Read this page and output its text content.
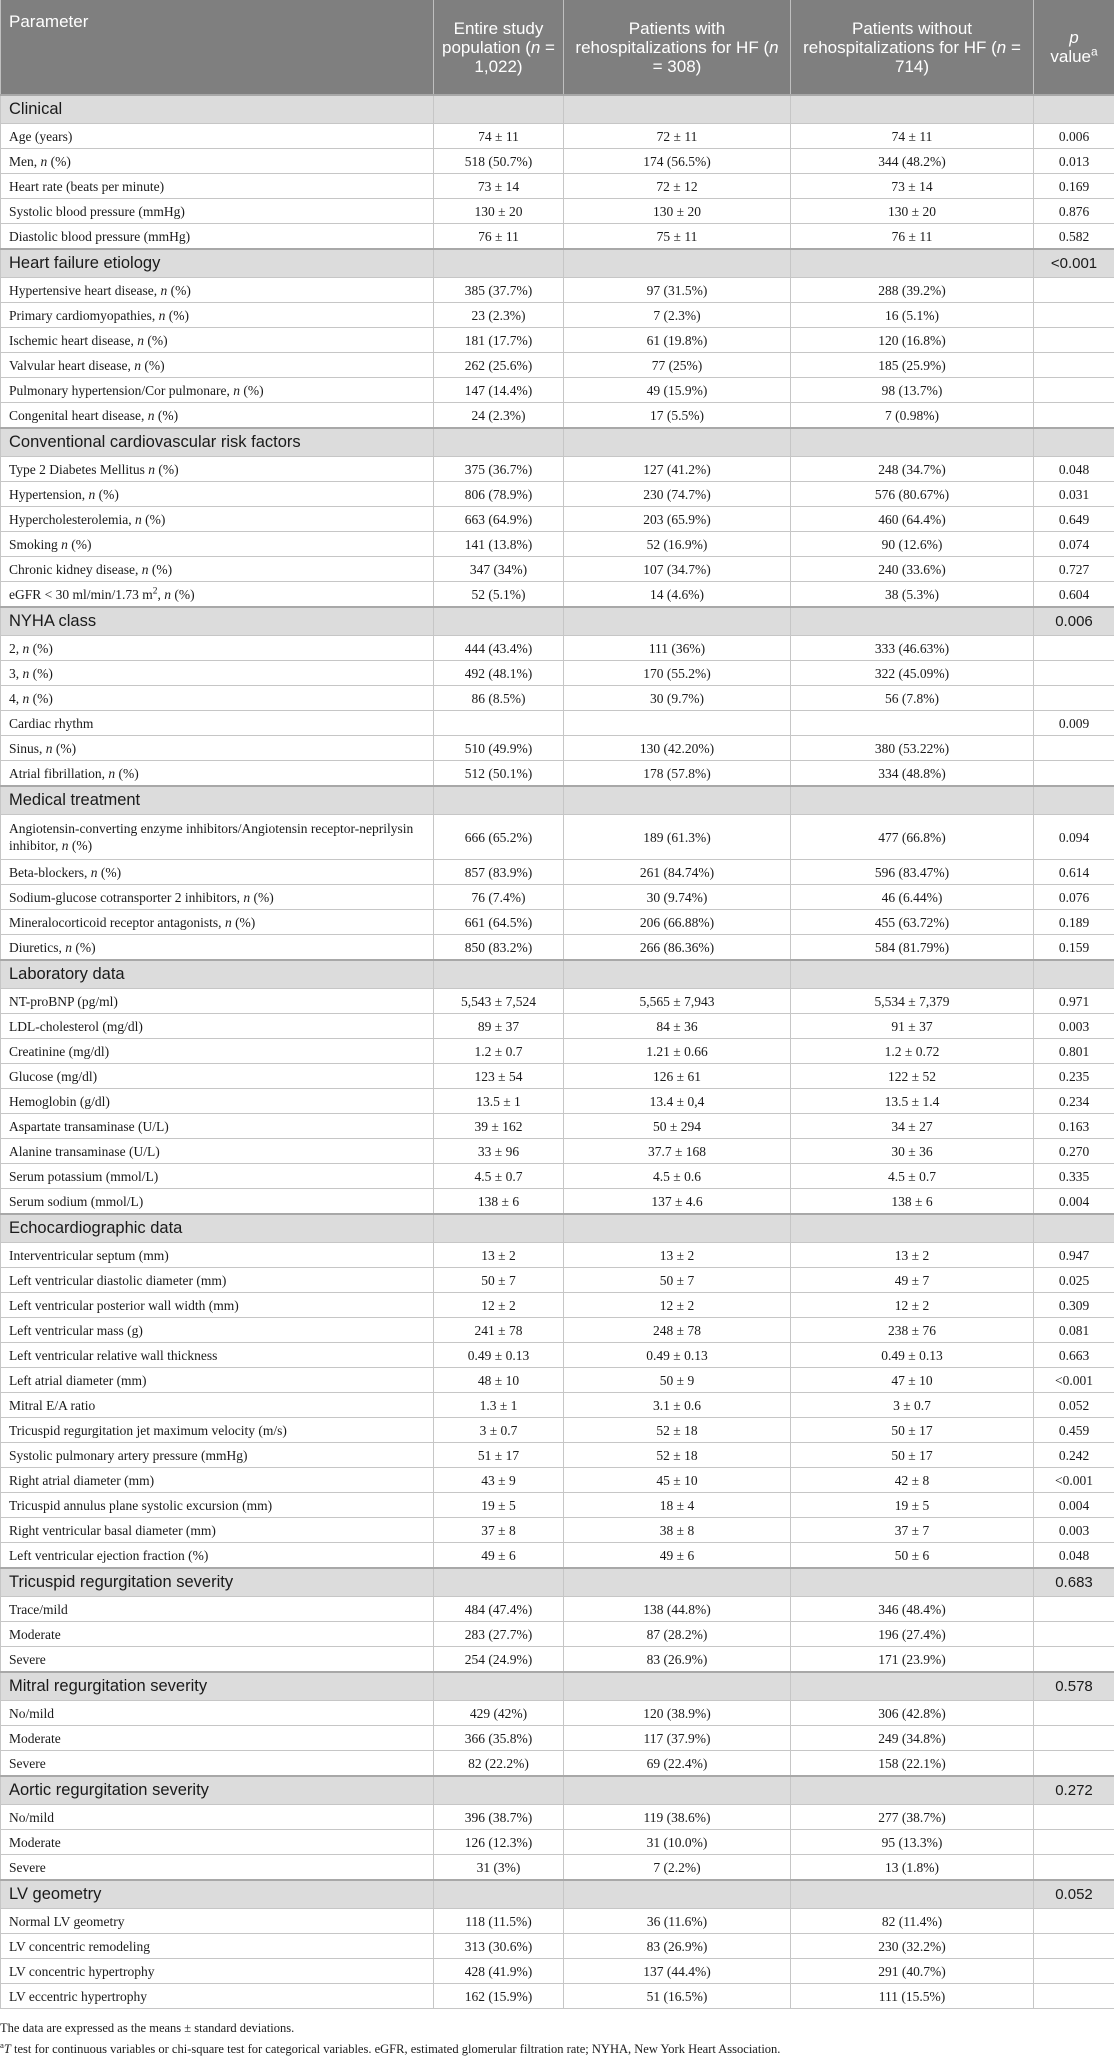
Parameter	Entire study population (n = 1,022)	Patients with rehospitalizations for HF (n = 308)	Patients without rehospitalizations for HF (n = 714)	p
value$^a$
Clinical				
Age (years)	74 ± 11	72 ± 11	74 ± 11	0.006
Men, n (%)	518 (50.7%)	174 (56.5%)	344 (48.2%)	0.013
Heart rate (beats per minute)	73 ± 14	72 ± 12	73 ± 14	0.169
Systolic blood pressure (mmHg)	130 ± 20	130 ± 20	130 ± 20	0.876
Diastolic blood pressure (mmHg)	76 ± 11	75 ± 11	76 ± 11	0.582
Heart failure etiology				<0.001
Hypertensive heart disease, n (%)	385 (37.7%)	97 (31.5%)	288 (39.2%)	
Primary cardiomyopathies, n (%)	23 (2.3%)	7 (2.3%)	16 (5.1%)	
Ischemic heart disease, n (%)	181 (17.7%)	61 (19.8%)	120 (16.8%)	
Valvular heart disease, n (%)	262 (25.6%)	77 (25%)	185 (25.9%)	
Pulmonary hypertension/Cor pulmonare, n (%)	147 (14.4%)	49 (15.9%)	98 (13.7%)	
Congenital heart disease, n (%)	24 (2.3%)	17 (5.5%)	7 (0.98%)	
Conventional cardiovascular risk factors				
Type 2 Diabetes Mellitus n (%)	375 (36.7%)	127 (41.2%)	248 (34.7%)	0.048
Hypertension, n (%)	806 (78.9%)	230 (74.7%)	576 (80.67%)	0.031
Hypercholesterolemia, n (%)	663 (64.9%)	203 (65.9%)	460 (64.4%)	0.649
Smoking n (%)	141 (13.8%)	52 (16.9%)	90 (12.6%)	0.074
Chronic kidney disease, n (%)	347 (34%)	107 (34.7%)	240 (33.6%)	0.727
eGFR < 30 ml/min/1.73 $m^2$, n (%)	52 (5.1%)	14 (4.6%)	38 (5.3%)	0.604
NYHA class				0.006
2, n (%)	444 (43.4%)	111 (36%)	333 (46.63%)	
3, n (%)	492 (48.1%)	170 (55.2%)	322 (45.09%)	
4, n (%)	86 (8.5%)	30 (9.7%)	56 (7.8%)	
Cardiac rhythm				0.009
Sinus, n (%)	510 (49.9%)	130 (42.20%)	380 (53.22%)	
Atrial fibrillation, n (%)	512 (50.1%)	178 (57.8%)	334 (48.8%)	
Medical treatment				
Angiotensin-converting enzyme inhibitors/Angiotensin receptor-neprilysin inhibitor, n (%)	666 (65.2%)	189 (61.3%)	477 (66.8%)	0.094
Beta-blockers, n (%)	857 (83.9%)	261 (84.74%)	596 (83.47%)	0.614
Sodium-glucose cotransporter 2 inhibitors, n (%)	76 (7.4%)	30 (9.74%)	46 (6.44%)	0.076
Mineralocorticoid receptor antagonists, n (%)	661 (64.5%)	206 (66.88%)	455 (63.72%)	0.189
Diuretics, n (%)	850 (83.2%)	266 (86.36%)	584 (81.79%)	0.159
Laboratory data				
NT-proBNP (pg/ml)	5,543 ± 7,524	5,565 ± 7,943	5,534 ± 7,379	0.971
LDL-cholesterol (mg/dl)	89 ± 37	84 ± 36	91 ± 37	0.003
Creatinine (mg/dl)	1.2 ± 0.7	1.21 ± 0.66	1.2 ± 0.72	0.801
Glucose (mg/dl)	123 ± 54	126 ± 61	122 ± 52	0.235
Hemoglobin (g/dl)	13.5 ± 1	13.4 ± 0,4	13.5 ± 1.4	0.234
Aspartate transaminase (U/L)	39 ± 162	50 ± 294	34 ± 27	0.163
Alanine transaminase (U/L)	33 ± 96	37.7 ± 168	30 ± 36	0.270
Serum potassium (mmol/L)	4.5 ± 0.7	4.5 ± 0.6	4.5 ± 0.7	0.335
Serum sodium (mmol/L)	138 ± 6	137 ± 4.6	138 ± 6	0.004
Echocardiographic data				
Interventricular septum (mm)	13 ± 2	13 ± 2	13 ± 2	0.947
Left ventricular diastolic diameter (mm)	50 ± 7	50 ± 7	49 ± 7	0.025
Left ventricular posterior wall width (mm)	12 ± 2	12 ± 2	12 ± 2	0.309
Left ventricular mass (g)	241 ± 78	248 ± 78	238 ± 76	0.081
Left ventricular relative wall thickness	0.49 ± 0.13	0.49 ± 0.13	0.49 ± 0.13	0.663
Left atrial diameter (mm)	48 ± 10	50 ± 9	47 ± 10	<0.001
Mitral E/A ratio	1.3 ± 1	3.1 ± 0.6	3 ± 0.7	0.052
Tricuspid regurgitation jet maximum velocity (m/s)	3 ± 0.7	52 ± 18	50 ± 17	0.459
Systolic pulmonary artery pressure (mmHg)	51 ± 17	52 ± 18	50 ± 17	0.242
Right atrial diameter (mm)	43 ± 9	45 ± 10	42 ± 8	<0.001
Tricuspid annulus plane systolic excursion (mm)	19 ± 5	18 ± 4	19 ± 5	0.004
Right ventricular basal diameter (mm)	37 ± 8	38 ± 8	37 ± 7	0.003
Left ventricular ejection fraction (%)	49 ± 6	49 ± 6	50 ± 6	0.048
Tricuspid regurgitation severity				0.683
Trace/mild	484 (47.4%)	138 (44.8%)	346 (48.4%)	
Moderate	283 (27.7%)	87 (28.2%)	196 (27.4%)	
Severe	254 (24.9%)	83 (26.9%)	171 (23.9%)	
Mitral regurgitation severity				0.578
No/mild	429 (42%)	120 (38.9%)	306 (42.8%)	
Moderate	366 (35.8%)	117 (37.9%)	249 (34.8%)	
Severe	82 (22.2%)	69 (22.4%)	158 (22.1%)	
Aortic regurgitation severity				0.272
No/mild	396 (38.7%)	119 (38.6%)	277 (38.7%)	
Moderate	126 (12.3%)	31 (10.0%)	95 (13.3%)	
Severe	31 (3%)	7 (2.2%)	13 (1.8%)	
LV geometry				0.052
Normal LV geometry	118 (11.5%)	36 (11.6%)	82 (11.4%)	
LV concentric remodeling	313 (30.6%)	83 (26.9%)	230 (32.2%)	
LV concentric hypertrophy	428 (41.9%)	137 (44.4%)	291 (40.7%)	
LV eccentric hypertrophy	162 (15.9%)	51 (16.5%)	111 (15.5%)	
The data are expressed as the means ± standard deviations.
$^a$T test for continuous variables or chi-square test for categorical variables. eGFR, estimated glomerular filtration rate; NYHA, New York Heart Association.
